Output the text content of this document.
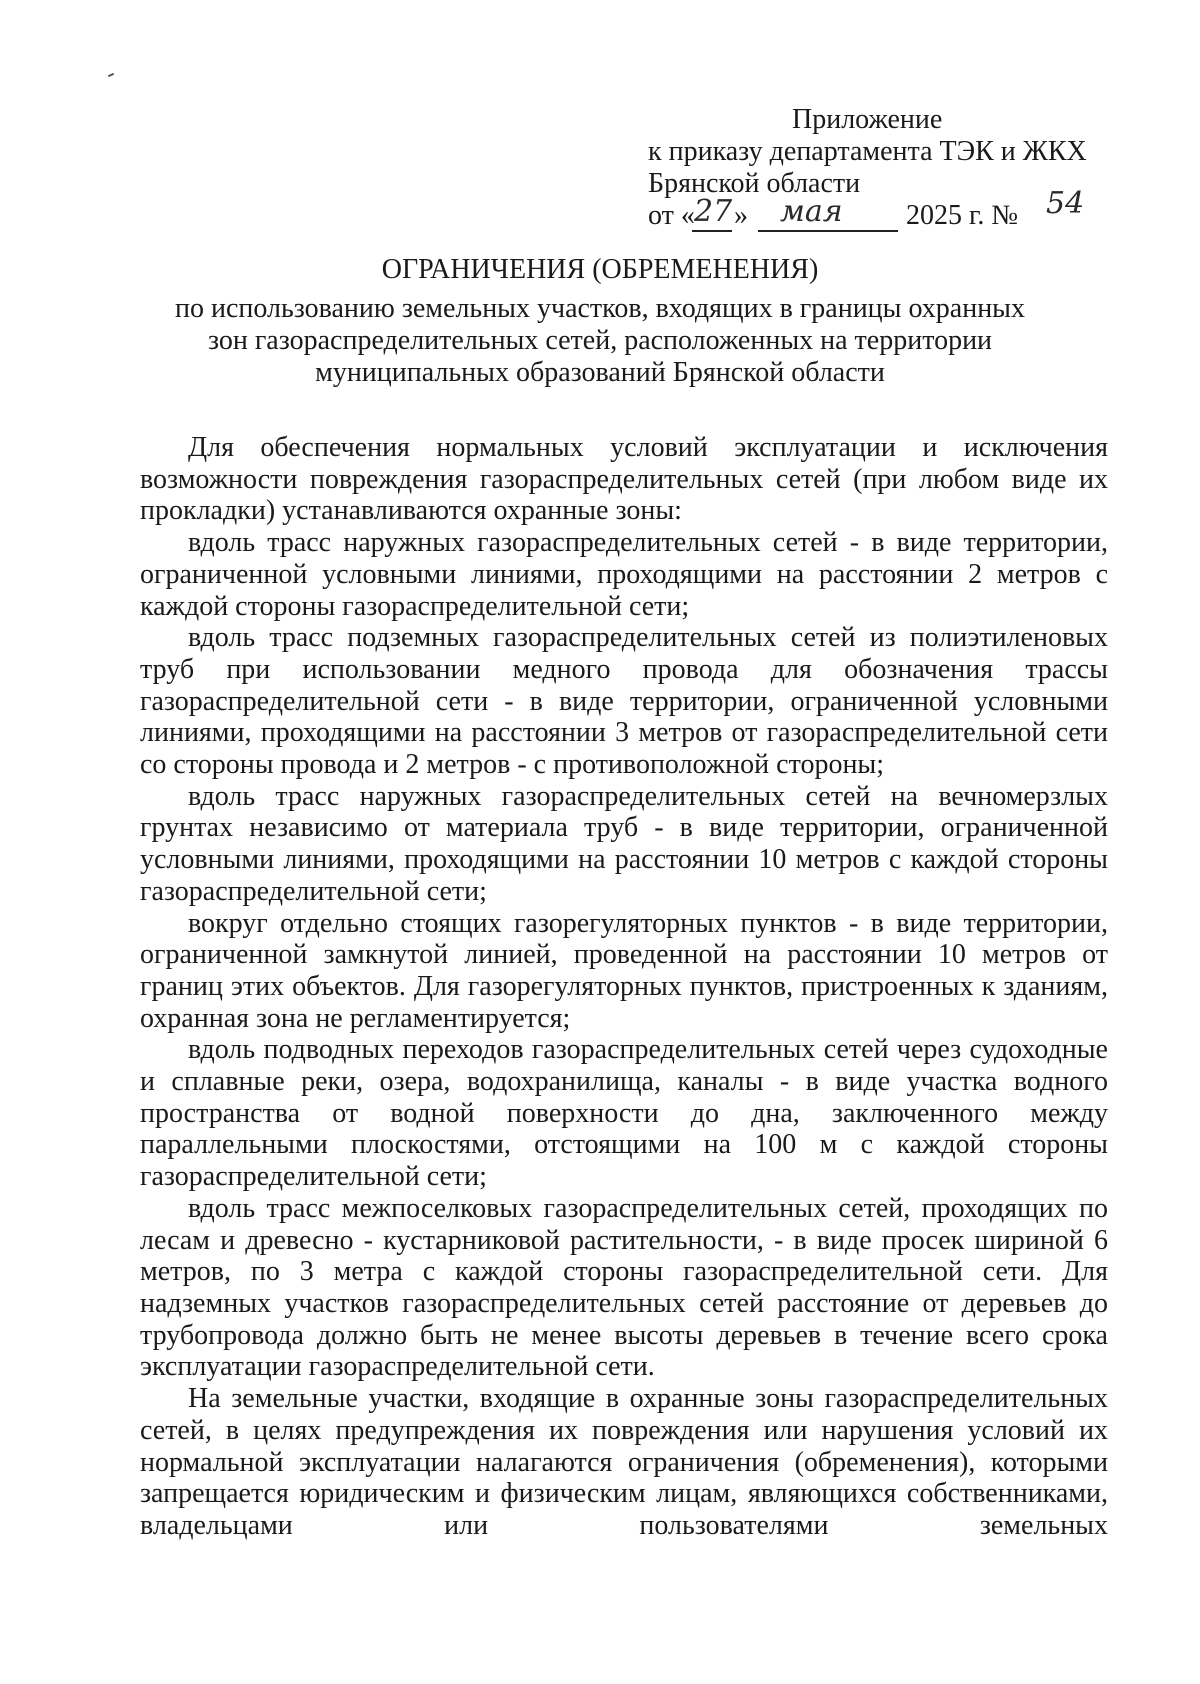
Приложение
к приказу департамента ТЭК и ЖКХ
Брянской области
от « 27 » мая 2025 г. № 54
ОГРАНИЧЕНИЯ (ОБРЕМЕНЕНИЯ)
по использованию земельных участков, входящих в границы охранных
зон газораспределительных сетей, расположенных на территории
муниципальных образований Брянской области

Для обеспечения нормальных условий эксплуатации и исключения возможности повреждения газораспределительных сетей (при любом виде их прокладки) устанавливаются охранные зоны:

вдоль трасс наружных газораспределительных сетей - в виде территории, ограниченной условными линиями, проходящими на расстоянии 2 метров с каждой стороны газораспределительной сети;

вдоль трасс подземных газораспределительных сетей из полиэтиленовых труб при использовании медного провода для обозначения трассы газораспределительной сети - в виде территории, ограниченной условными линиями, проходящими на расстоянии 3 метров от газораспределительной сети со стороны провода и 2 метров - с противоположной стороны;

вдоль трасс наружных газораспределительных сетей на вечномерзлых грунтах независимо от материала труб - в виде территории, ограниченной условными линиями, проходящими на расстоянии 10 метров с каждой стороны газораспределительной сети;

вокруг отдельно стоящих газорегуляторных пунктов - в виде территории, ограниченной замкнутой линией, проведенной на расстоянии 10 метров от границ этих объектов. Для газорегуляторных пунктов, пристроенных к зданиям, охранная зона не регламентируется;

вдоль подводных переходов газораспределительных сетей через судоходные и сплавные реки, озера, водохранилища, каналы - в виде участка водного пространства от водной поверхности до дна, заключенного между параллельными плоскостями, отстоящими на 100 м с каждой стороны газораспределительной сети;

вдоль трасс межпоселковых газораспределительных сетей, проходящих по лесам и древесно - кустарниковой растительности, - в виде просек шириной 6 метров, по 3 метра с каждой стороны газораспределительной сети. Для надземных участков газораспределительных сетей расстояние от деревьев до трубопровода должно быть не менее высоты деревьев в течение всего срока эксплуатации газораспределительной сети.

На земельные участки, входящие в охранные зоны газораспределительных сетей, в целях предупреждения их повреждения или нарушения условий их нормальной эксплуатации налагаются ограничения (обременения), которыми запрещается юридическим и физическим лицам, являющихся собственниками, владельцами или пользователями земельных
